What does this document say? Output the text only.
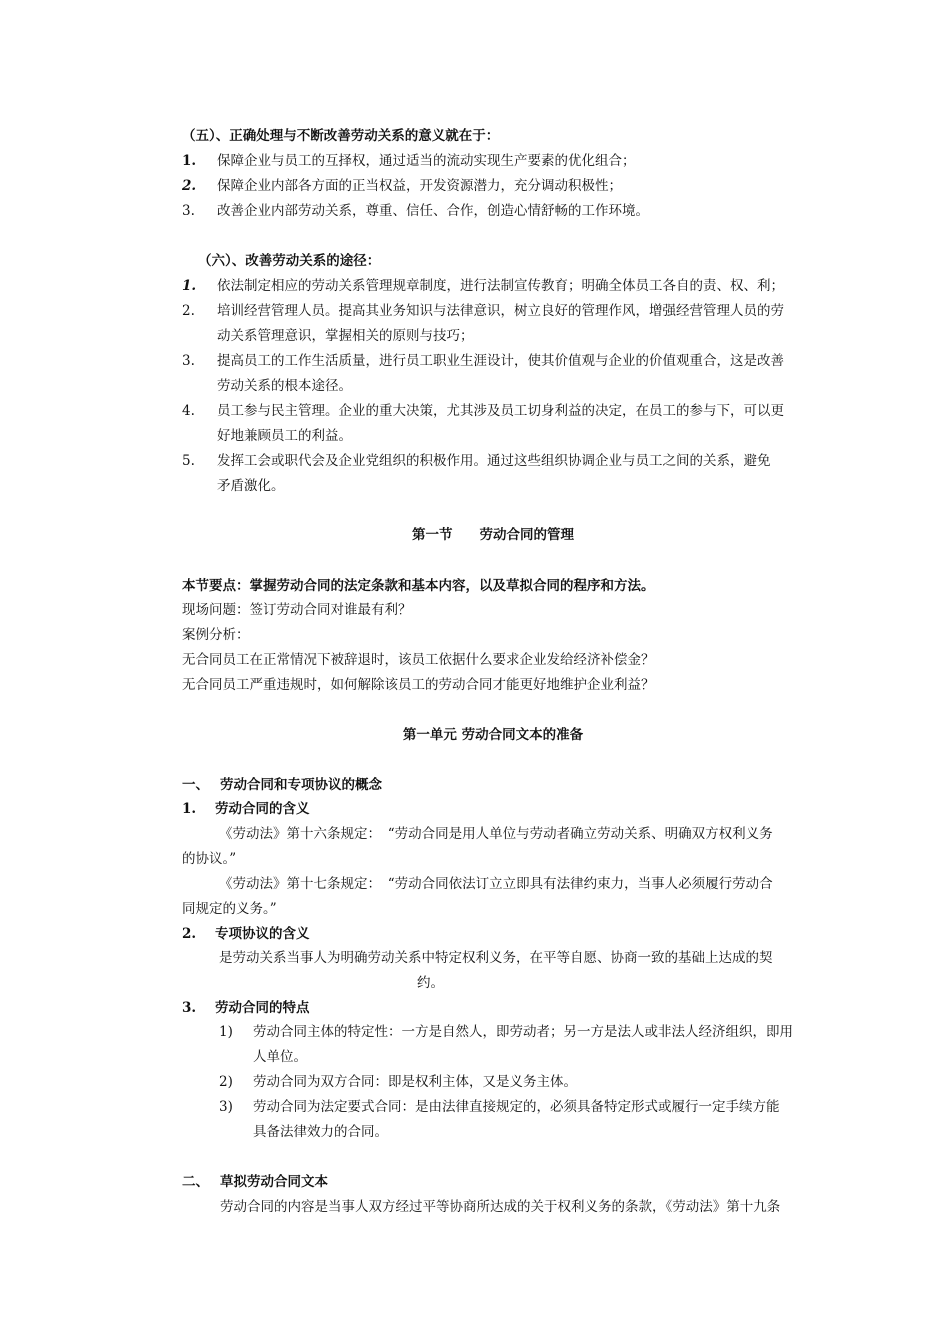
（五）、正确处理与不断改善劳动关系的意义就在于：
1. 保障企业与员工的互择权，通过适当的流动实现生产要素的优化组合；
2. 保障企业内部各方面的正当权益，开发资源潜力，充分调动积极性；
3. 改善企业内部劳动关系，尊重、信任、合作，创造心情舒畅的工作环境。
（六）、改善劳动关系的途径：
1. 依法制定相应的劳动关系管理规章制度，进行法制宣传教育；明确全体员工各自的责、权、利；
2. 培训经营管理人员。提高其业务知识与法律意识，树立良好的管理作风，增强经营管理人员的劳
动关系管理意识，掌握相关的原则与技巧；
3. 提高员工的工作生活质量，进行员工职业生涯设计，使其价值观与企业的价值观重合，这是改善
劳动关系的根本途径。
4. 员工参与民主管理。企业的重大决策，尤其涉及员工切身利益的决定，在员工的参与下，可以更
好地兼顾员工的利益。
5. 发挥工会或职代会及企业党组织的积极作用。通过这些组织协调企业与员工之间的关系，避免
矛盾激化。
第一节　　劳动合同的管理
本节要点：掌握劳动合同的法定条款和基本内容，以及草拟合同的程序和方法。
现场问题：签订劳动合同对谁最有利？
案例分析：
无合同员工在正常情况下被辞退时，该员工依据什么要求企业发给经济补偿金？
无合同员工严重违规时，如何解除该员工的劳动合同才能更好地维护企业利益？
第一单元 劳动合同文本的准备
一、 劳动合同和专项协议的概念
1. 劳动合同的含义
《劳动法》第十六条规定：　“劳动合同是用人单位与劳动者确立劳动关系、明确双方权利义务
的协议。”
《劳动法》第十七条规定：　“劳动合同依法订立立即具有法律约束力，当事人必须履行劳动合
同规定的义务。”
2. 专项协议的含义
是劳动关系当事人为明确劳动关系中特定权利义务，在平等自愿、协商一致的基础上达成的契
约。
3. 劳动合同的特点
1) 劳动合同主体的特定性：一方是自然人，即劳动者；另一方是法人或非法人经济组织，即用
人单位。
2) 劳动合同为双方合同：即是权利主体，又是义务主体。
3) 劳动合同为法定要式合同：是由法律直接规定的，必须具备特定形式或履行一定手续方能
具备法律效力的合同。
二、 草拟劳动合同文本
劳动合同的内容是当事人双方经过平等协商所达成的关于权利义务的条款，《劳动法》第十九条
